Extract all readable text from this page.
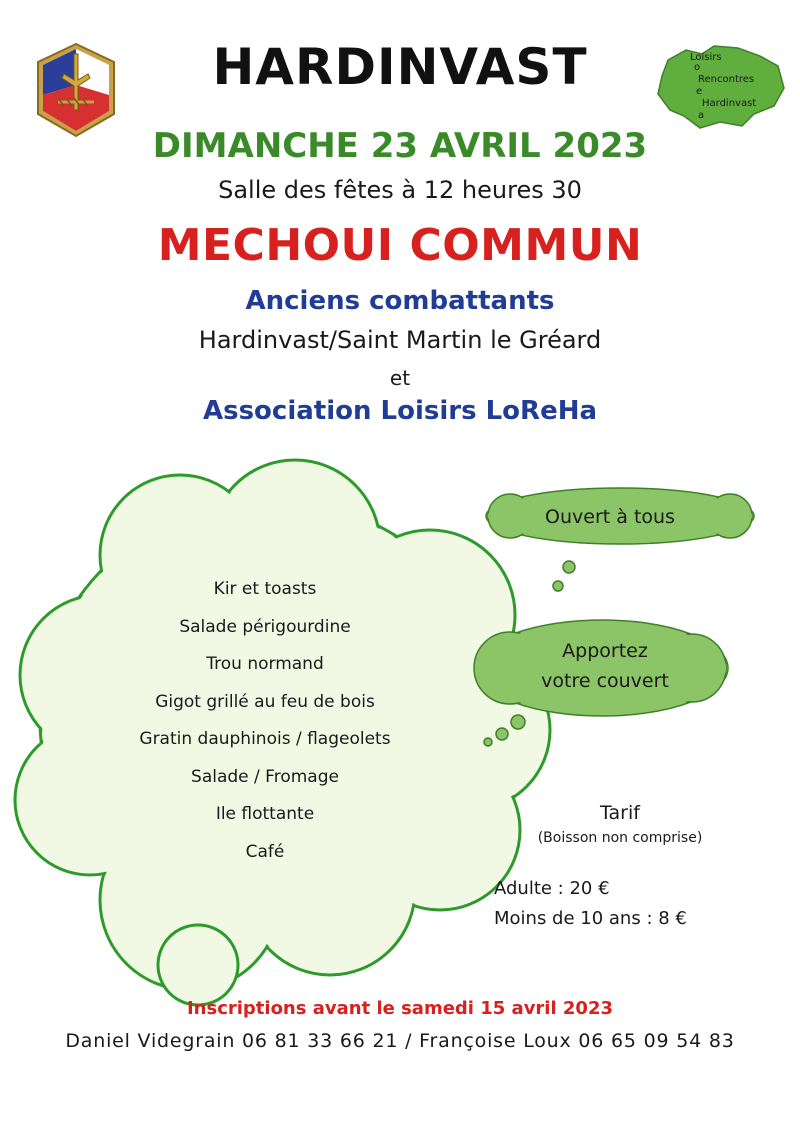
Loisirs
Rencontres
Hardinvast
o
e
a
HARDINVAST
DIMANCHE 23 AVRIL 2023
Salle des fêtes à 12 heures 30
MECHOUI COMMUN
Anciens combattants
Hardinvast/Saint Martin le Gréard
et
Association Loisirs LoReHa
Kir et toasts
Salade périgourdine
Trou normand
Gigot grillé au feu de bois
Gratin dauphinois / flageolets
Salade / Fromage
Ile flottante
Café
Ouvert à tous
Apportez
votre couvert
Tarif
(Boisson non comprise)
Adulte : 20 €
Moins de 10 ans : 8 €
Inscriptions avant le samedi 15 avril 2023
Daniel Videgrain 06 81 33 66 21 / Françoise Loux 06 65 09 54 83
